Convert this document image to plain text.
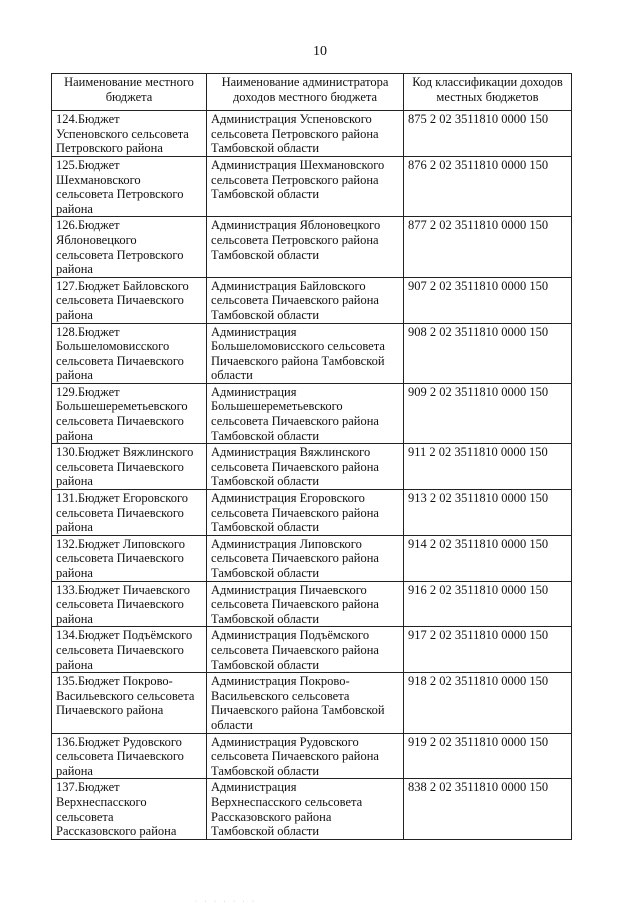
10
Наименование местного бюджета	Наименование администратора доходов местного бюджета	Код классификации доходов местных бюджетов

124.Бюджет
Успеновского сельсовета
Петровского района	Администрация Успеновского
сельсовета Петровского района
Тамбовской области	875 2 02 3511810 0000 150

125.Бюджет
Шехмановского
сельсовета Петровского
района	Администрация Шехмановского
сельсовета Петровского района
Тамбовской области	876 2 02 3511810 0000 150

126.Бюджет
Яблоновецкого
сельсовета Петровского
района	Администрация Яблоновецкого
сельсовета Петровского района
Тамбовской области	877 2 02 3511810 0000 150

127.Бюджет Байловского
сельсовета Пичаевского
района	Администрация Байловского
сельсовета Пичаевского района
Тамбовской области	907 2 02 3511810 0000 150

128.Бюджет
Большеломовисского
сельсовета Пичаевского
района	Администрация
Большеломовисского сельсовета
Пичаевского района Тамбовской
области	908 2 02 3511810 0000 150

129.Бюджет
Большешереметьевского
сельсовета Пичаевского
района	Администрация
Большешереметьевского
сельсовета Пичаевского района
Тамбовской области	909 2 02 3511810 0000 150

130.Бюджет Вяжлинского
сельсовета Пичаевского
района	Администрация Вяжлинского
сельсовета Пичаевского района
Тамбовской области	911 2 02 3511810 0000 150

131.Бюджет Егоровского
сельсовета Пичаевского
района	Администрация Егоровского
сельсовета Пичаевского района
Тамбовской области	913 2 02 3511810 0000 150

132.Бюджет Липовского
сельсовета Пичаевского
района	Администрация Липовского
сельсовета Пичаевского района
Тамбовской области	914 2 02 3511810 0000 150

133.Бюджет Пичаевского
сельсовета Пичаевского
района	Администрация Пичаевского
сельсовета Пичаевского района
Тамбовской области	916 2 02 3511810 0000 150

134.Бюджет Подъёмского
сельсовета Пичаевского
района	Администрация Подъёмского
сельсовета Пичаевского района
Тамбовской области	917 2 02 3511810 0000 150

135.Бюджет Покрово-
Васильевского сельсовета
Пичаевского района	Администрация Покрово-
Васильевского сельсовета
Пичаевского района Тамбовской
области	918 2 02 3511810 0000 150

136.Бюджет Рудовского
сельсовета Пичаевского
района	Администрация Рудовского
сельсовета Пичаевского района
Тамбовской области	919 2 02 3511810 0000 150

137.Бюджет
Верхнеспасского
сельсовета
Рассказовского района	Администрация
Верхнеспасского сельсовета
Рассказовского района
Тамбовской области	838 2 02 3511810 0000 150
· · · · · · ·
